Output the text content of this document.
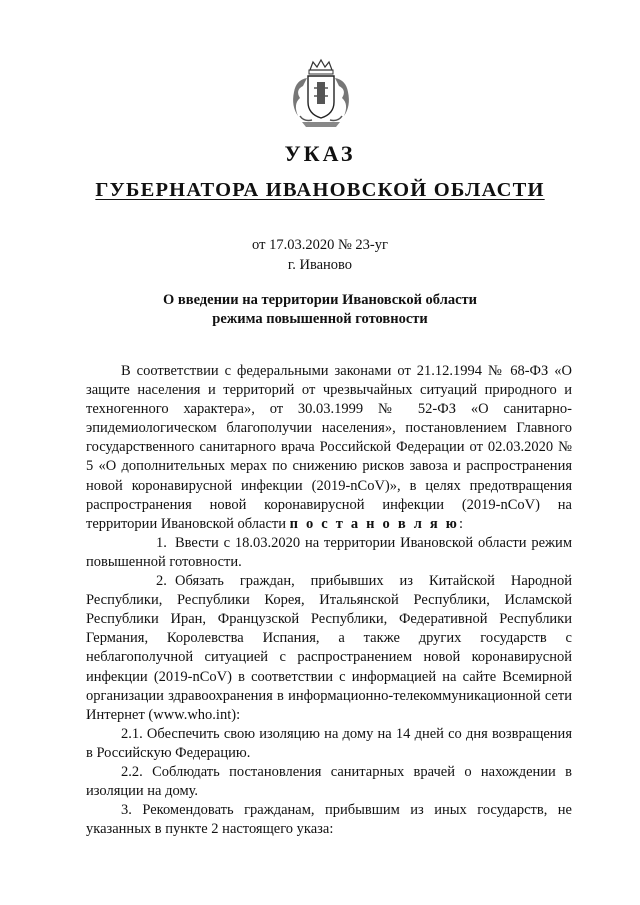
УКАЗ
ГУБЕРНАТОРА ИВАНОВСКОЙ ОБЛАСТИ
от 17.03.2020 № 23-уг
г. Иваново
О введении на территории Ивановской области
режима повышенной готовности

В соответствии с федеральными законами от 21.12.1994 № 68-ФЗ «О защите населения и территорий от чрезвычайных ситуаций природного и техногенного характера», от 30.03.1999 № 52-ФЗ «О санитарно-эпидемиологическом благополучии населения», постановлением Главного государственного санитарного врача Российской Федерации от 02.03.2020 № 5 «О дополнительных мерах по снижению рисков завоза и распространения новой коронавирусной инфекции (2019-nCoV)», в целях предотвращения распространения новой коронавирусной инфекции (2019-nCoV) на территории Ивановской области п о с т а н о в л я ю:

1. Ввести с 18.03.2020 на территории Ивановской области режим повышенной готовности.

2. Обязать граждан, прибывших из Китайской Народной Республики, Республики Корея, Итальянской Республики, Исламской Республики Иран, Французской Республики, Федеративной Республики Германия, Королевства Испания, а также других государств с неблагополучной ситуацией с распространением новой коронавирусной инфекции (2019-nCoV) в соответствии с информацией на сайте Всемирной организации здравоохранения в информационно-телекоммуникационной сети Интернет (www.who.int):

2.1. Обеспечить свою изоляцию на дому на 14 дней со дня возвращения в Российскую Федерацию.

2.2. Соблюдать постановления санитарных врачей о нахождении в изоляции на дому.

3. Рекомендовать гражданам, прибывшим из иных государств, не указанных в пункте 2 настоящего указа:
